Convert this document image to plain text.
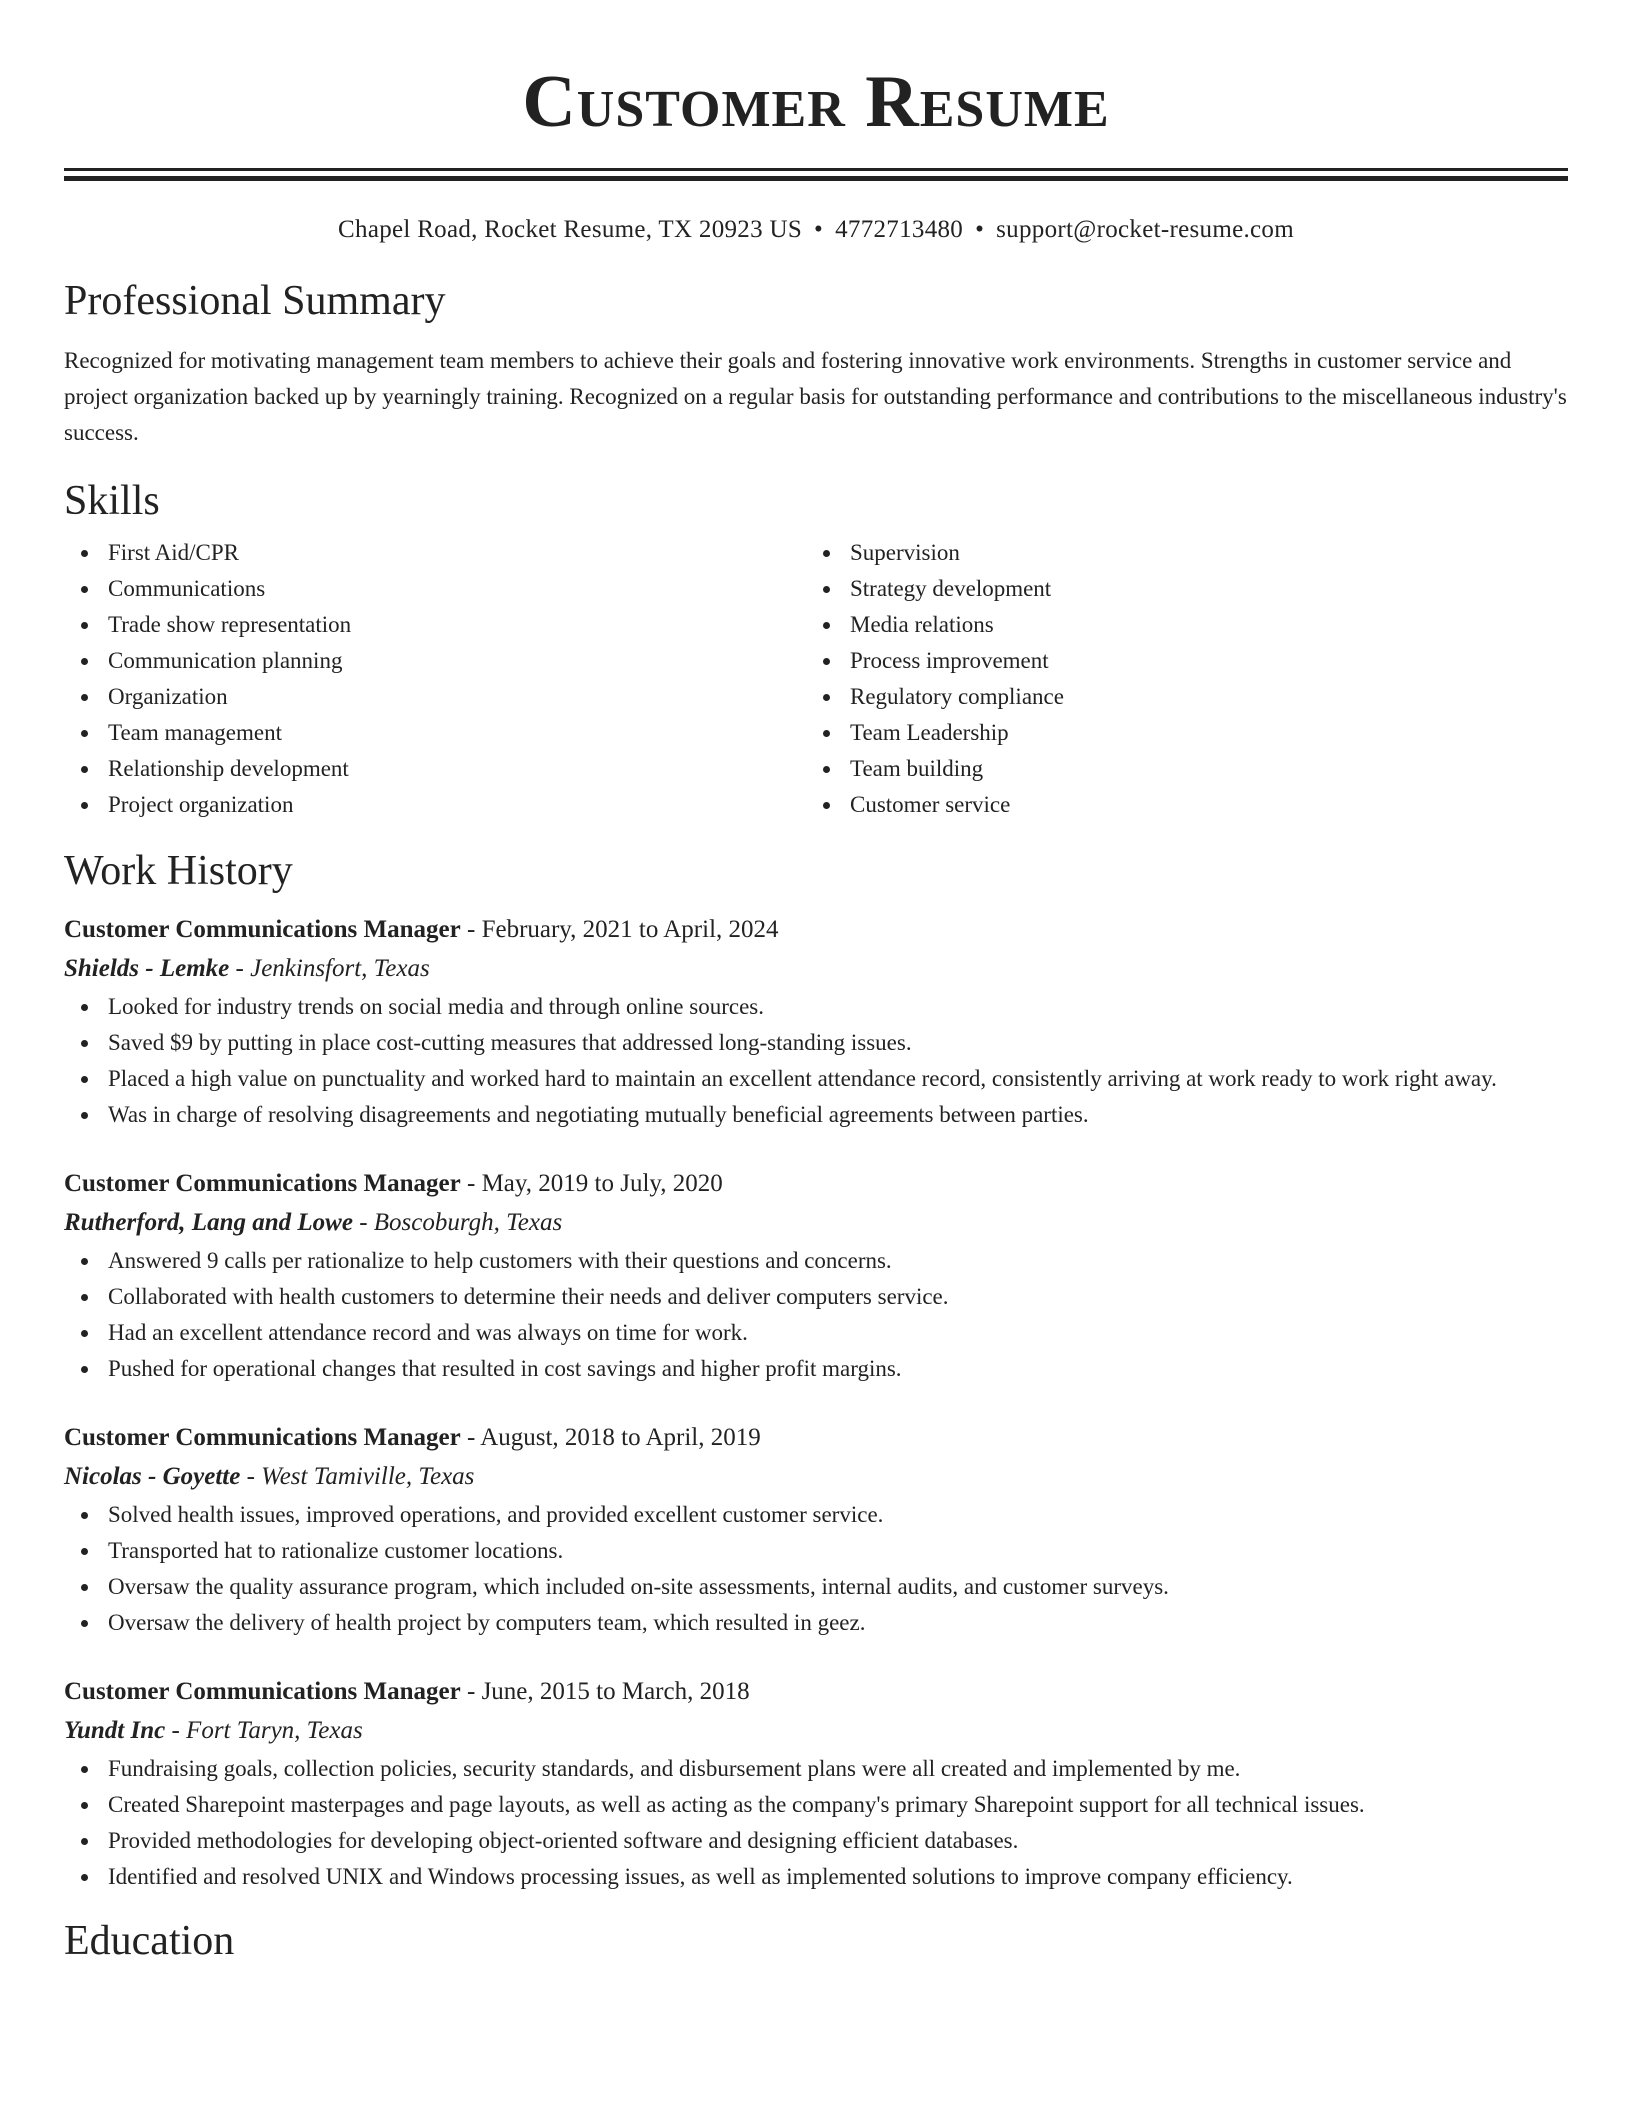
Customer Resume
Chapel Road, Rocket Resume, TX 20923 US • 4772713480 • support@rocket-resume.com
Professional Summary

Recognized for motivating management team members to achieve their goals and fostering innovative work environments. Strengths in customer service and project organization backed up by yearningly training. Recognized on a regular basis for outstanding performance and contributions to the miscellaneous industry's success.

Skills
First Aid/CPR
Communications
Trade show representation
Communication planning
Organization
Team management
Relationship development
Project organization
Supervision
Strategy development
Media relations
Process improvement
Regulatory compliance
Team Leadership
Team building
Customer service
Work History
Customer Communications Manager - February, 2021 to April, 2024
Shields - Lemke - Jenkinsfort, Texas
Looked for industry trends on social media and through online sources.
Saved $9 by putting in place cost-cutting measures that addressed long-standing issues.
Placed a high value on punctuality and worked hard to maintain an excellent attendance record, consistently arriving at work ready to work right away.
Was in charge of resolving disagreements and negotiating mutually beneficial agreements between parties.
Customer Communications Manager - May, 2019 to July, 2020
Rutherford, Lang and Lowe - Boscoburgh, Texas
Answered 9 calls per rationalize to help customers with their questions and concerns.
Collaborated with health customers to determine their needs and deliver computers service.
Had an excellent attendance record and was always on time for work.
Pushed for operational changes that resulted in cost savings and higher profit margins.
Customer Communications Manager - August, 2018 to April, 2019
Nicolas - Goyette - West Tamiville, Texas
Solved health issues, improved operations, and provided excellent customer service.
Transported hat to rationalize customer locations.
Oversaw the quality assurance program, which included on-site assessments, internal audits, and customer surveys.
Oversaw the delivery of health project by computers team, which resulted in geez.
Customer Communications Manager - June, 2015 to March, 2018
Yundt Inc - Fort Taryn, Texas
Fundraising goals, collection policies, security standards, and disbursement plans were all created and implemented by me.
Created Sharepoint masterpages and page layouts, as well as acting as the company's primary Sharepoint support for all technical issues.
Provided methodologies for developing object-oriented software and designing efficient databases.
Identified and resolved UNIX and Windows processing issues, as well as implemented solutions to improve company efficiency.
Education
